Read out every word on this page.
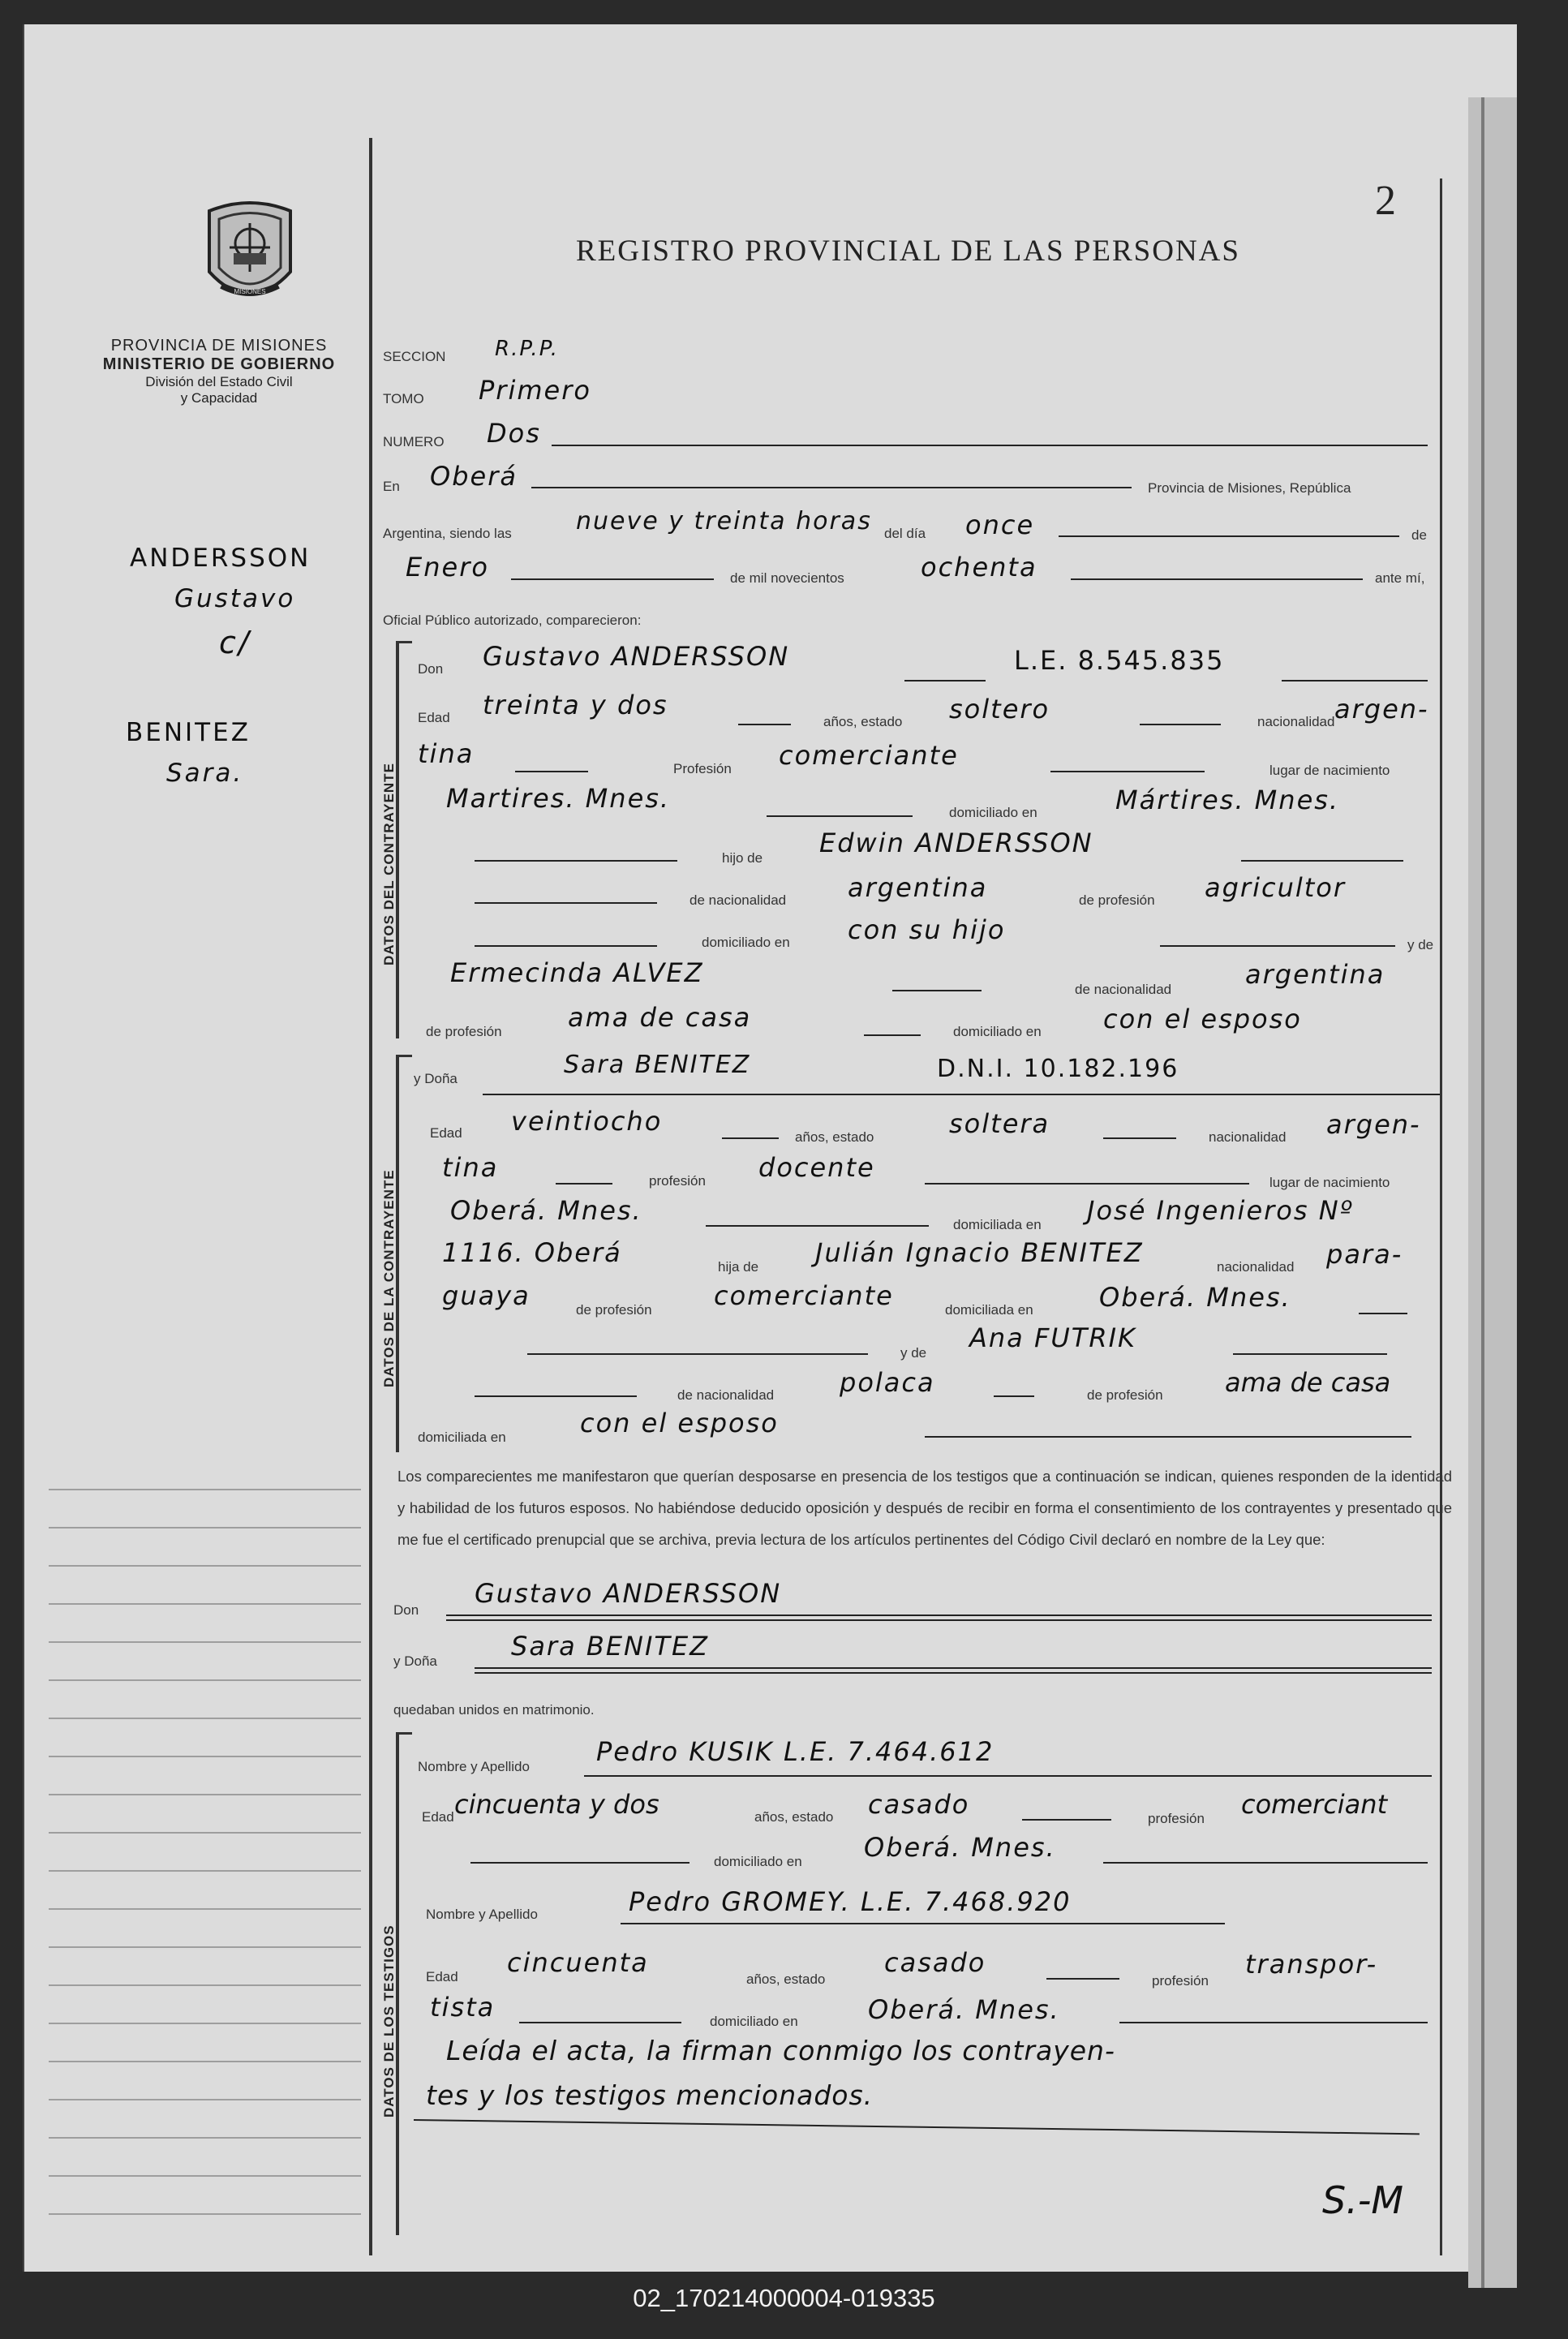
MISIONES
PROVINCIA DE MISIONES
MINISTERIO DE GOBIERNO
División del Estado Civil
y Capacidad
ANDERSSON
Gustavo
c/
BENITEZ
Sara.
2
REGISTRO PROVINCIAL DE LAS PERSONAS
SECCION R.P.P.
TOMO Primero
NUMERO Dos
En Oberá	Provincia de Misiones, República
Argentina, siendo las	nueve y treinta horas del día once	de
Enero	de mil novecientos	ochenta	ante mí,
Oficial Público autorizado, comparecieron:
DATOS DEL CONTRAYENTE
Don Gustavo ANDERSSON	L.E. 8.545.835
Edad treinta y dos
años, estado soltero	nacionalidad argen-
tina	Profesión comerciante	lugar de nacimiento
Martires. Mnes.	domiciliado en	Mártires. Mnes.
hijo de Edwin ANDERSSON
de nacionalidad argentina	de profesión agricultor
domiciliado en con su hijo	y de
Ermecinda ALVEZ
de nacionalidad	argentina
de profesión	ama de casa	domiciliado en con el esposo
DATOS DE LA CONTRAYENTE
y Doña	Sara BENITEZ	D.N.I. 10.182.196
Edad veintiocho
años, estado	soltera	nacionalidad argen-
tina	profesión docente	lugar de nacimiento
Oberá. Mnes.	domiciliada en José Ingenieros Nº
1116. Oberá	hija de Julián Ignacio BENITEZ	nacionalidad para-
guaya	de profesión comerciante	domiciliada en	Oberá. Mnes.
y de Ana FUTRIK
de nacionalidad	polaca	de profesión ama de casa
domiciliada en	con el esposo
Los comparecientes me manifestaron que querían desposarse en presencia de los testigos que a continuación se indican, quienes responden de la identidad y habilidad de los futuros esposos. No habiéndose deducido oposición y después de recibir en forma el consentimiento de los contrayentes y presentado que me fue el certificado prenupcial que se archiva, previa lectura de los artículos pertinentes del Código Civil declaró en nombre de la Ley que:
Don
Gustavo ANDERSSON
y Doña	Sara BENITEZ
quedaban unidos en matrimonio.
DATOS DE LOS TESTIGOS
Nombre y Apellido	Pedro KUSIK L.E. 7.464.612
Edad cincuenta y dos	años, estado casado	profesión comerciant
domiciliado en Oberá. Mnes.
Nombre y Apellido	Pedro GROMEY. L.E. 7.468.920
Edad cincuenta
años, estado
casado
profesión
transpor-
tista	domiciliado en	Oberá. Mnes.
Leída el acta, la firman conmigo los contrayen-
tes y los testigos mencionados.
S.-M
02_170214000004-019335
